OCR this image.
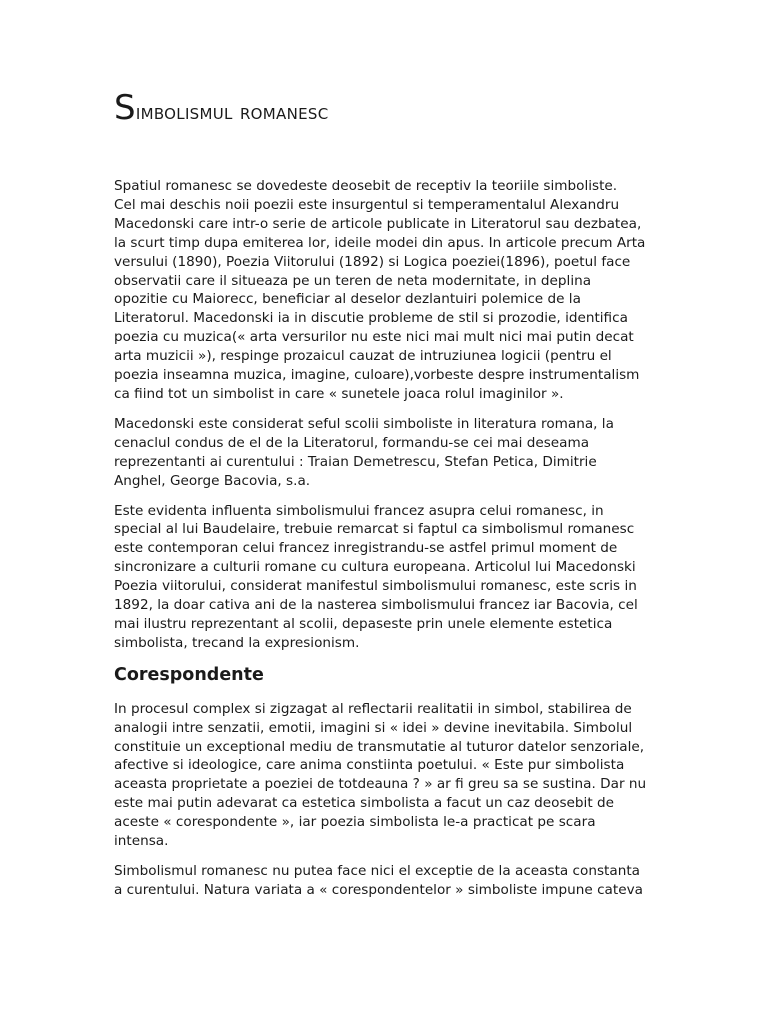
Simbolismul romanesc

Spatiul romanesc se dovedeste deosebit de receptiv la teoriile simboliste.
Cel mai deschis noii poezii este insurgentul si temperamentalul Alexandru
Macedonski care intr-o serie de articole publicate in Literatorul sau dezbatea,
la scurt timp dupa emiterea lor, ideile modei din apus. In articole precum Arta
versului (1890), Poezia Viitorului (1892) si Logica poeziei(1896), poetul face
observatii care il situeaza pe un teren de neta modernitate, in deplina
opozitie cu Maiorесc, beneficiar al deselor dezlantuiri polemice de la
Literatorul. Macedonski ia in discutie probleme de stil si prozodie, identifica
poezia cu muzica(« arta versurilor nu este nici mai mult nici mai putin decat
arta muzicii »), respinge prozaicul cauzat de intruziunea logicii (pentru el
poezia inseamna muzica, imagine, culoare),vorbeste despre instrumentalism
ca fiind tot un simbolist in care « sunetele joaca rolul imaginilor ».

Macedonski este considerat seful scolii simboliste in literatura romana, la
cenaclul condus de el de la Literatorul, formandu-se cei mai deseama
reprezentanti ai curentului : Traian Demetrescu, Stefan Petica, Dimitrie
Anghel, George Bacovia, s.a.

Este evidenta influenta simbolismului francez asupra celui romanesc, in
special al lui Baudelaire, trebuie remarcat si faptul ca simbolismul romanesc
este contemporan celui francez inregistrandu-se astfel primul moment de
sincronizare a culturii romane cu cultura europeana. Articolul lui Macedonski
Poezia viitorului, considerat manifestul simbolismului romanesc, este scris in
1892, la doar cativa ani de la nasterea simbolismului francez iar Bacovia, cel
mai ilustru reprezentant al scolii, depaseste prin unele elemente estetica
simbolista, trecand la expresionism.

Corespondente

In procesul complex si zigzagat al reflectarii realitatii in simbol, stabilirea de
analogii intre senzatii, emotii, imagini si « idei » devine inevitabila. Simbolul
constituie un exceptional mediu de transmutatie al tuturor datelor senzoriale,
afective si ideologice, care anima constiinta poetului. « Este pur simbolista
aceasta proprietate a poeziei de totdeauna ? » ar fi greu sa se sustina. Dar nu
este mai putin adevarat ca estetica simbolista a facut un caz deosebit de
aceste « corespondente », iar poezia simbolista le-a practicat pe scara
intensa.

Simbolismul romanesc nu putea face nici el exceptie de la aceasta constanta
a curentului. Natura variata a « corespondentelor » simboliste impune cateva
